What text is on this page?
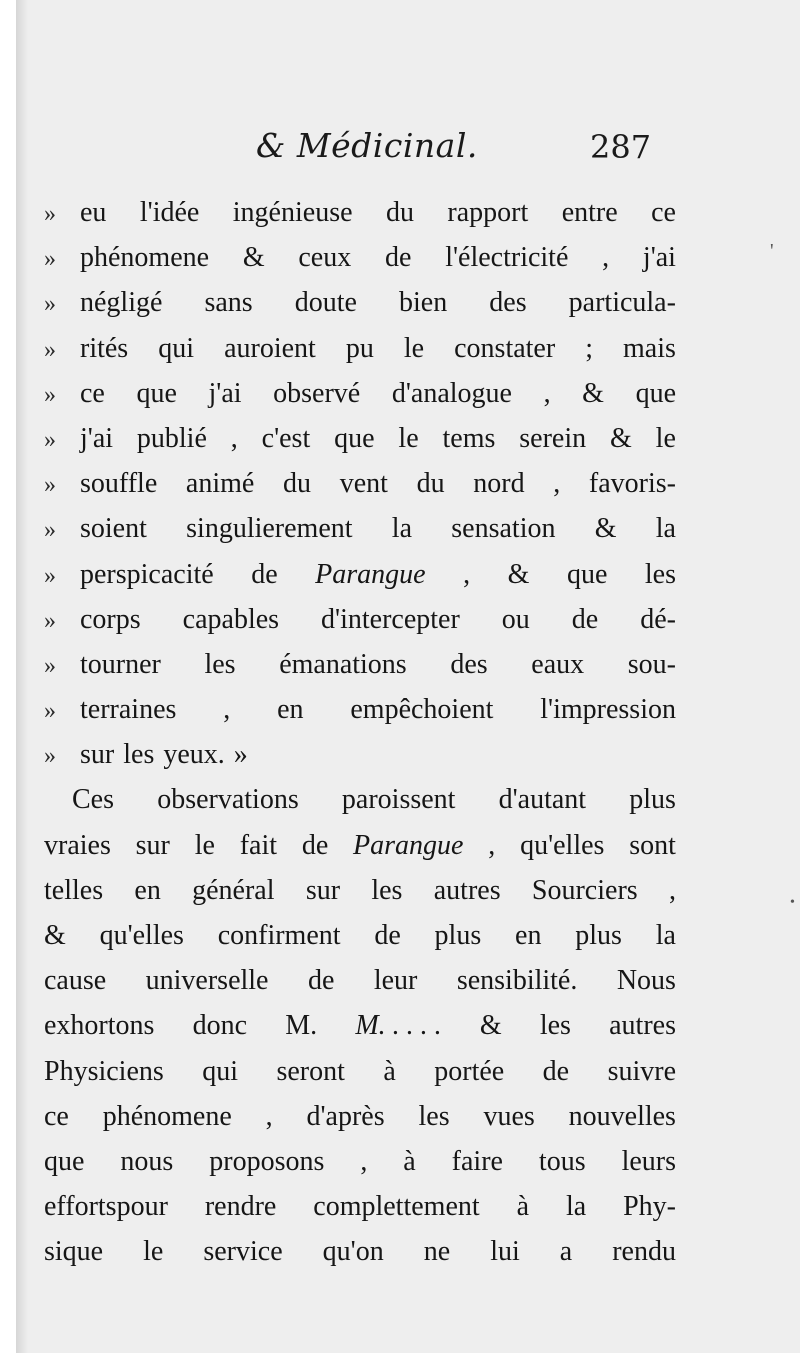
& Médicinal.	287
» eu l'idée ingénieuse du rapport entre ce
» phénomene & ceux de l'électricité , j'ai
» négligé sans doute bien des particula-
» rités qui auroient pu le constater ; mais
» ce que j'ai observé d'analogue , & que
» j'ai publié , c'est que le tems serein & le
» souffle animé du vent du nord , favoris-
» soient singulierement la sensation & la
» perspicacité de Parangue , & que les
» corps capables d'intercepter ou de dé-
» tourner les émanations des eaux sou-
» terraines , en empêchoient l'impression
» sur les yeux. »
Ces observations paroissent d'autant plus
vraies sur le fait de Parangue , qu'elles sont
telles en général sur les autres Sourciers ,
& qu'elles confirment de plus en plus la
cause universelle de leur sensibilité. Nous
exhortons donc M. M. . . . . & les autres
Physiciens qui seront à portée de suivre
ce phénomene , d'après les vues nouvelles
que nous proposons , à faire tous leurs
effortspour rendre complettement à la Phy-
sique le service qu'on ne lui a rendu
'
•
